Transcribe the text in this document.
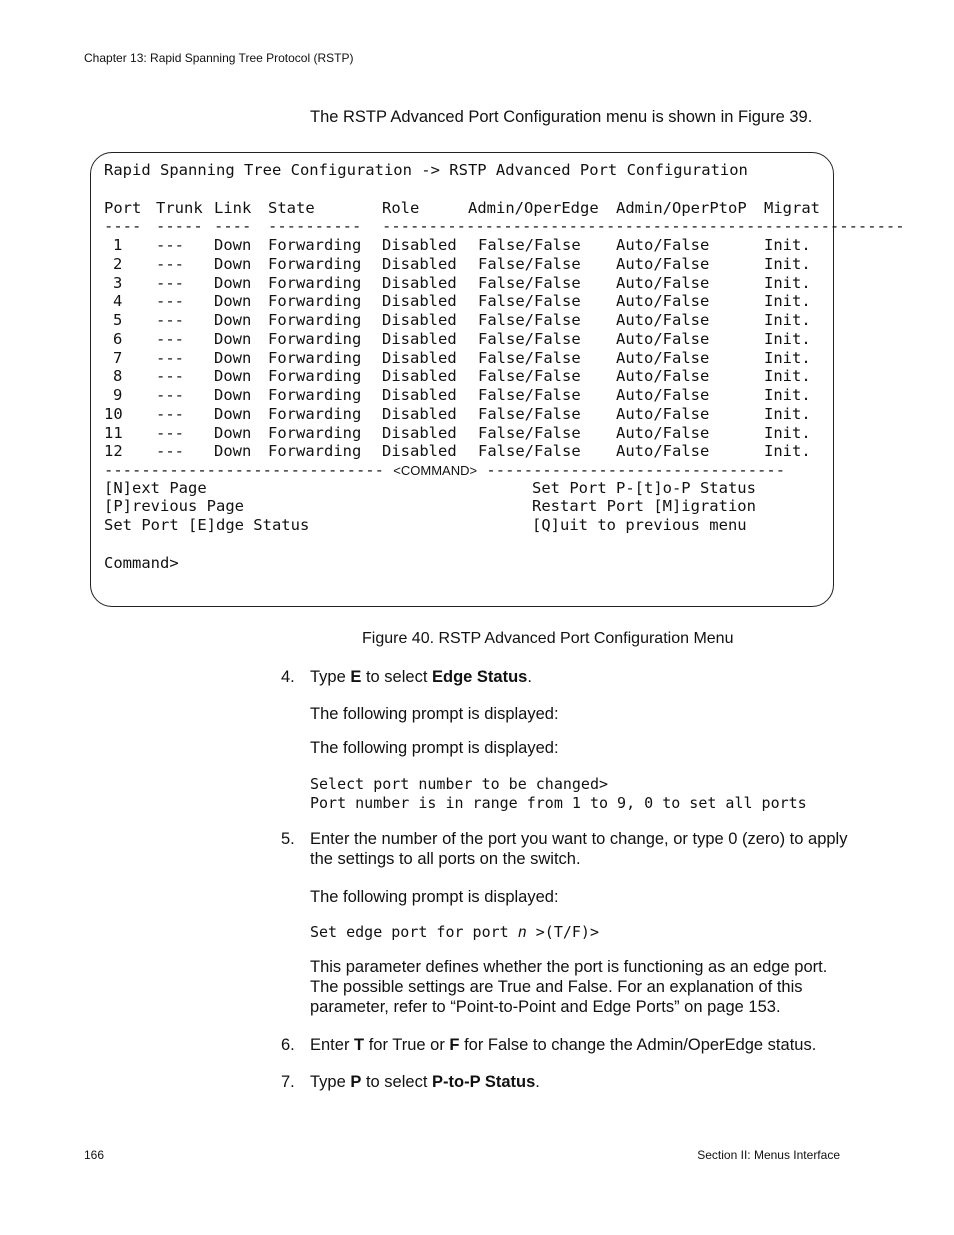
Chapter 13: Rapid Spanning Tree Protocol (RSTP)
The RSTP Advanced Port Configuration menu is shown in Figure 39.
Rapid Spanning Tree Configuration -> RSTP Advanced Port Configuration
Port Trunk Link State	Role	Admin/OperEdge Admin/OperPtoP Migrat
---- ----- ---- ---------- --------------------------------------------------------
1 --- Down Forwarding Disabled False/False Auto/False	Init.
2 --- Down Forwarding Disabled False/False Auto/False	Init.
3 --- Down Forwarding Disabled False/False Auto/False	Init.
4 --- Down Forwarding Disabled False/False Auto/False	Init.
5 --- Down Forwarding Disabled False/False Auto/False	Init.
6 --- Down Forwarding Disabled False/False Auto/False	Init.
7 --- Down Forwarding Disabled False/False Auto/False	Init.
8 --- Down Forwarding Disabled False/False Auto/False	Init.
9 --- Down Forwarding Disabled False/False Auto/False	Init.
10 --- Down Forwarding Disabled False/False Auto/False	Init.
11 --- Down Forwarding Disabled False/False Auto/False	Init.
12 --- Down Forwarding Disabled False/False Auto/False	Init.
------------------------------ <COMMAND> --------------------------------
[N]ext Page
[P]revious Page
Set Port [E]dge Status
Set Port P-[t]o-P Status
Restart Port [M]igration
[Q]uit to previous menu
Command>
Figure 40. RSTP Advanced Port Configuration Menu
4. Type E to select Edge Status.
The following prompt is displayed:
The following prompt is displayed:
Select port number to be changed>
Port number is in range from 1 to 9, 0 to set all ports
5. Enter the number of the port you want to change, or type 0 (zero) to apply the settings to all ports on the switch.
The following prompt is displayed:
Set edge port for port n >(T/F)>
This parameter defines whether the port is functioning as an edge port. The possible settings are True and False. For an explanation of this parameter, refer to “Point-to-Point and Edge Ports” on page 153.
6. Enter T for True or F for False to change the Admin/OperEdge status.
7. Type P to select P-to-P Status.
166	Section II: Menus Interface
